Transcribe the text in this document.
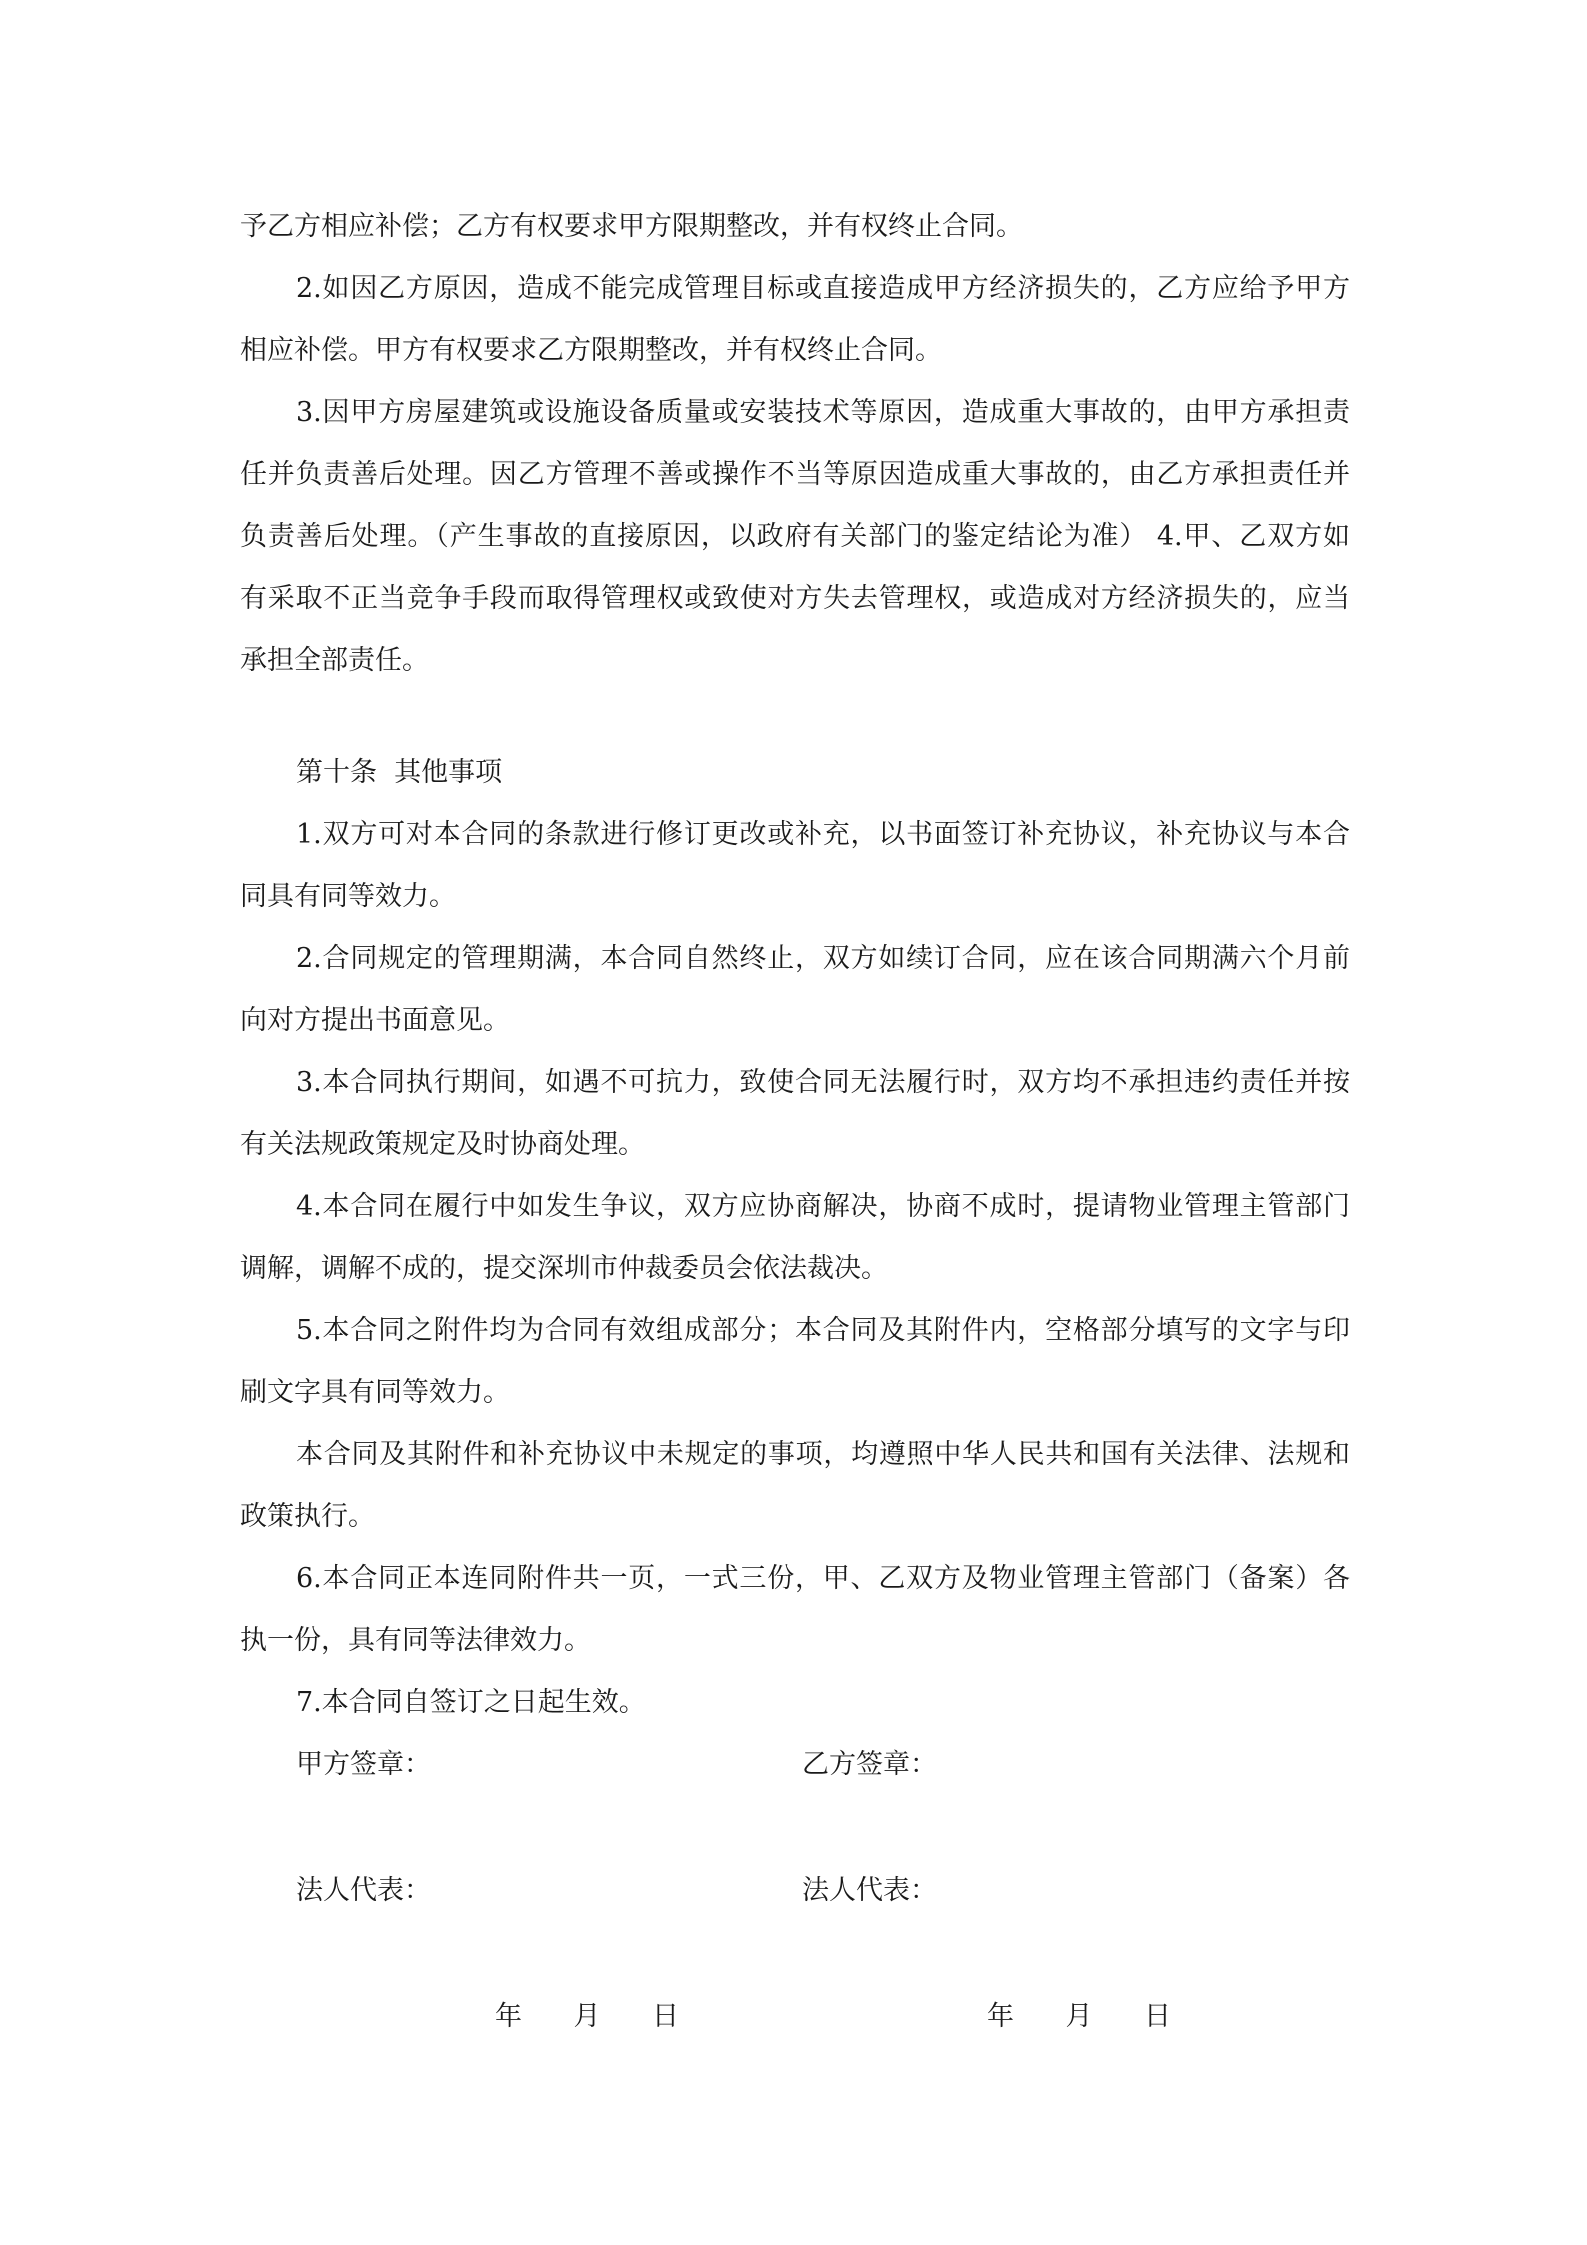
予乙方相应补偿；乙方有权要求甲方限期整改，并有权终止合同。
2.如因乙方原因，造成不能完成管理目标或直接造成甲方经济损失的，乙方应给予甲方
相应补偿。甲方有权要求乙方限期整改，并有权终止合同。
3.因甲方房屋建筑或设施设备质量或安装技术等原因，造成重大事故的，由甲方承担责
任并负责善后处理。因乙方管理不善或操作不当等原因造成重大事故的，由乙方承担责任并
负责善后处理。（产生事故的直接原因，以政府有关部门的鉴定结论为准） 4.甲、乙双方如
有采取不正当竞争手段而取得管理权或致使对方失去管理权，或造成对方经济损失的，应当
承担全部责任。
第十条  其他事项
1.双方可对本合同的条款进行修订更改或补充，以书面签订补充协议，补充协议与本合
同具有同等效力。
2.合同规定的管理期满，本合同自然终止，双方如续订合同，应在该合同期满六个月前
向对方提出书面意见。
3.本合同执行期间，如遇不可抗力，致使合同无法履行时，双方均不承担违约责任并按
有关法规政策规定及时协商处理。
4.本合同在履行中如发生争议，双方应协商解决，协商不成时，提请物业管理主管部门
调解，调解不成的，提交深圳市仲裁委员会依法裁决。
5.本合同之附件均为合同有效组成部分；本合同及其附件内，空格部分填写的文字与印
刷文字具有同等效力。
本合同及其附件和补充协议中未规定的事项，均遵照中华人民共和国有关法律、法规和
政策执行。
6.本合同正本连同附件共一页，一式三份，甲、乙双方及物业管理主管部门（备案）各
执一份，具有同等法律效力。
7.本合同自签订之日起生效。
甲方签章：	乙方签章：
法人代表：	法人代表：
年      月      日	年      月      日
